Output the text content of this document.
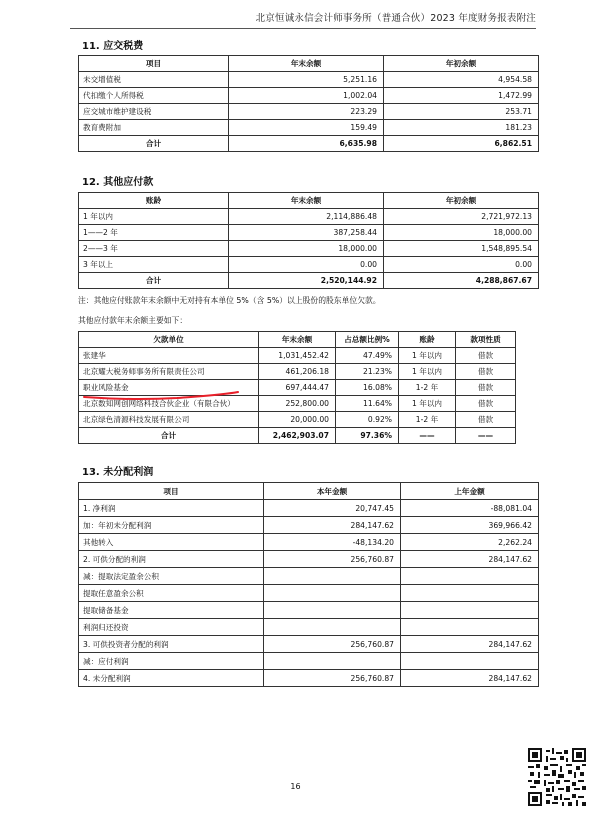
北京恒诚永信会计师事务所（普通合伙）2023 年度财务报表附注
11. 应交税费
项目	年末余额	年初余额
未交增值税	5,251.16	4,954.58
代扣缴个人所得税	1,002.04	1,472.99
应交城市维护建设税	223.29	253.71
教育费附加	159.49	181.23
合计	6,635.98	6,862.51
12. 其他应付款
账龄	年末余额	年初余额
1 年以内	2,114,886.48	2,721,972.13
1——2 年	387,258.44	18,000.00
2——3 年	18,000.00	1,548,895.54
3 年以上	0.00	0.00
合计	2,520,144.92	4,288,867.67
注：其他应付账款年末余额中无对持有本单位 5%（含 5%）以上股份的股东单位欠款。
其他应付款年末余额主要如下：
欠款单位	年末余额	占总额比例%	账龄	款项性质
张建华	1,031,452.42	47.49%	1 年以内	借款
北京耀大税务师事务所有限责任公司	461,206.18	21.23%	1 年以内	借款
职业风险基金	697,444.47	16.08%	1-2 年	借款
北京数知网创网络科技合伙企业（有限合伙）	252,800.00	11.64%	1 年以内	借款
北京绿色清源科技发展有限公司	20,000.00	0.92%	1-2 年	借款
合计	2,462,903.07	97.36%	——	——
13. 未分配利润
项目	本年金额	上年金额
1. 净利润	20,747.45	-88,081.04
加：年初未分配利润	284,147.62	369,966.42
其他转入	-48,134.20	2,262.24
2. 可供分配的利润	256,760.87	284,147.62
减：提取法定盈余公积		
提取任意盈余公积		
提取储备基金		
利润归还投资		
3. 可供投资者分配的利润	256,760.87	284,147.62
减：应付利润		
4. 未分配利润	256,760.87	284,147.62
16
